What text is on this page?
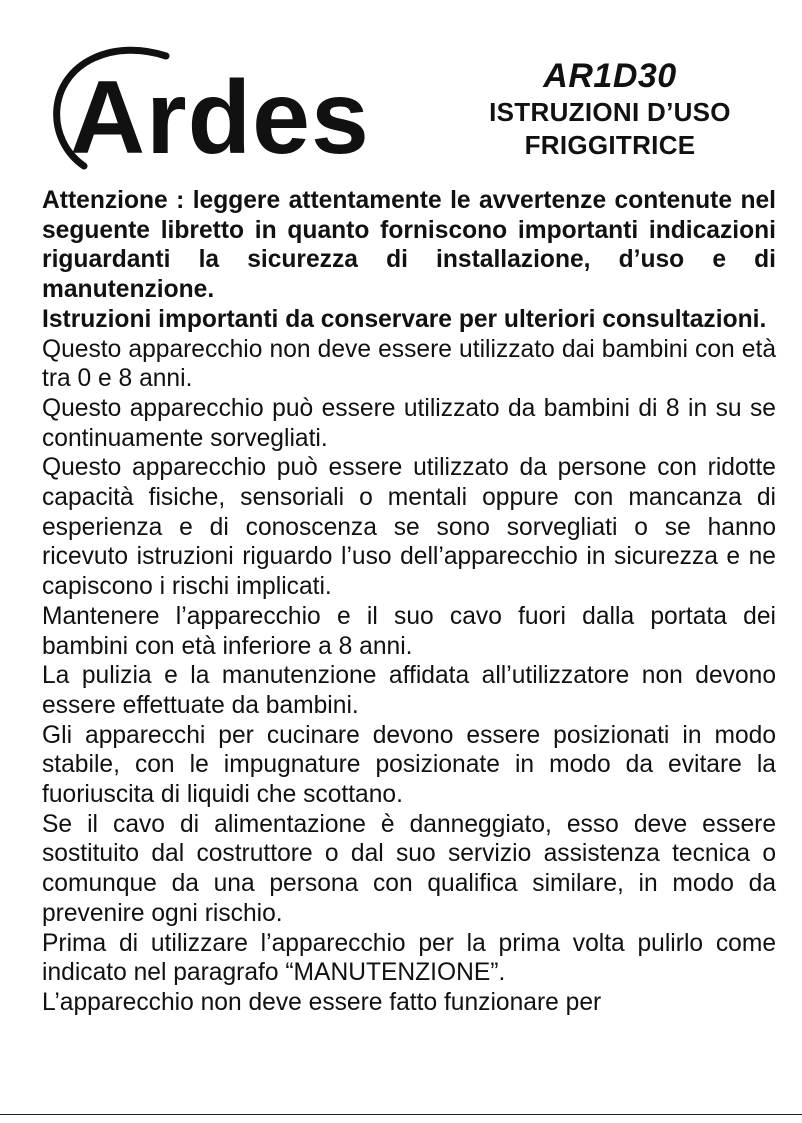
Ardes	AR1D30
ISTRUZIONI D’USO
FRIGGITRICE

Attenzione : leggere attentamente le avvertenze contenute nel seguente libretto in quanto forniscono importanti indicazioni riguardanti la sicurezza di installazione, d’uso e di manutenzione.

Istruzioni importanti da conservare per ulteriori consultazioni.

Questo apparecchio non deve essere utilizzato dai bambini con età tra 0 e 8 anni.

Questo apparecchio può essere utilizzato da bambini di 8 in su se continuamente sorvegliati.

Questo apparecchio può essere utilizzato da persone con ridotte capacità fisiche, sensoriali o mentali oppure con mancanza di esperienza e di conoscenza se sono sorvegliati o se hanno ricevuto istruzioni riguardo l’uso dell’apparecchio in sicurezza e ne capiscono i rischi implicati.

Mantenere l’apparecchio e il suo cavo fuori dalla portata dei bambini con età inferiore a 8 anni.

La pulizia e la manutenzione affidata all’utilizzatore non devono essere effettuate da bambini.

Gli apparecchi per cucinare devono essere posizionati in modo stabile, con le impugnature posizionate in modo da evitare la fuoriuscita di liquidi che scottano.

Se il cavo di alimentazione è danneggiato, esso deve essere sostituito dal costruttore o dal suo servizio assistenza tecnica o comunque da una persona con qualifica similare, in modo da prevenire ogni rischio.

Prima di utilizzare l’apparecchio per la prima volta pulirlo come indicato nel paragrafo “MANUTENZIONE”.

L’apparecchio non deve essere fatto funzionare per
